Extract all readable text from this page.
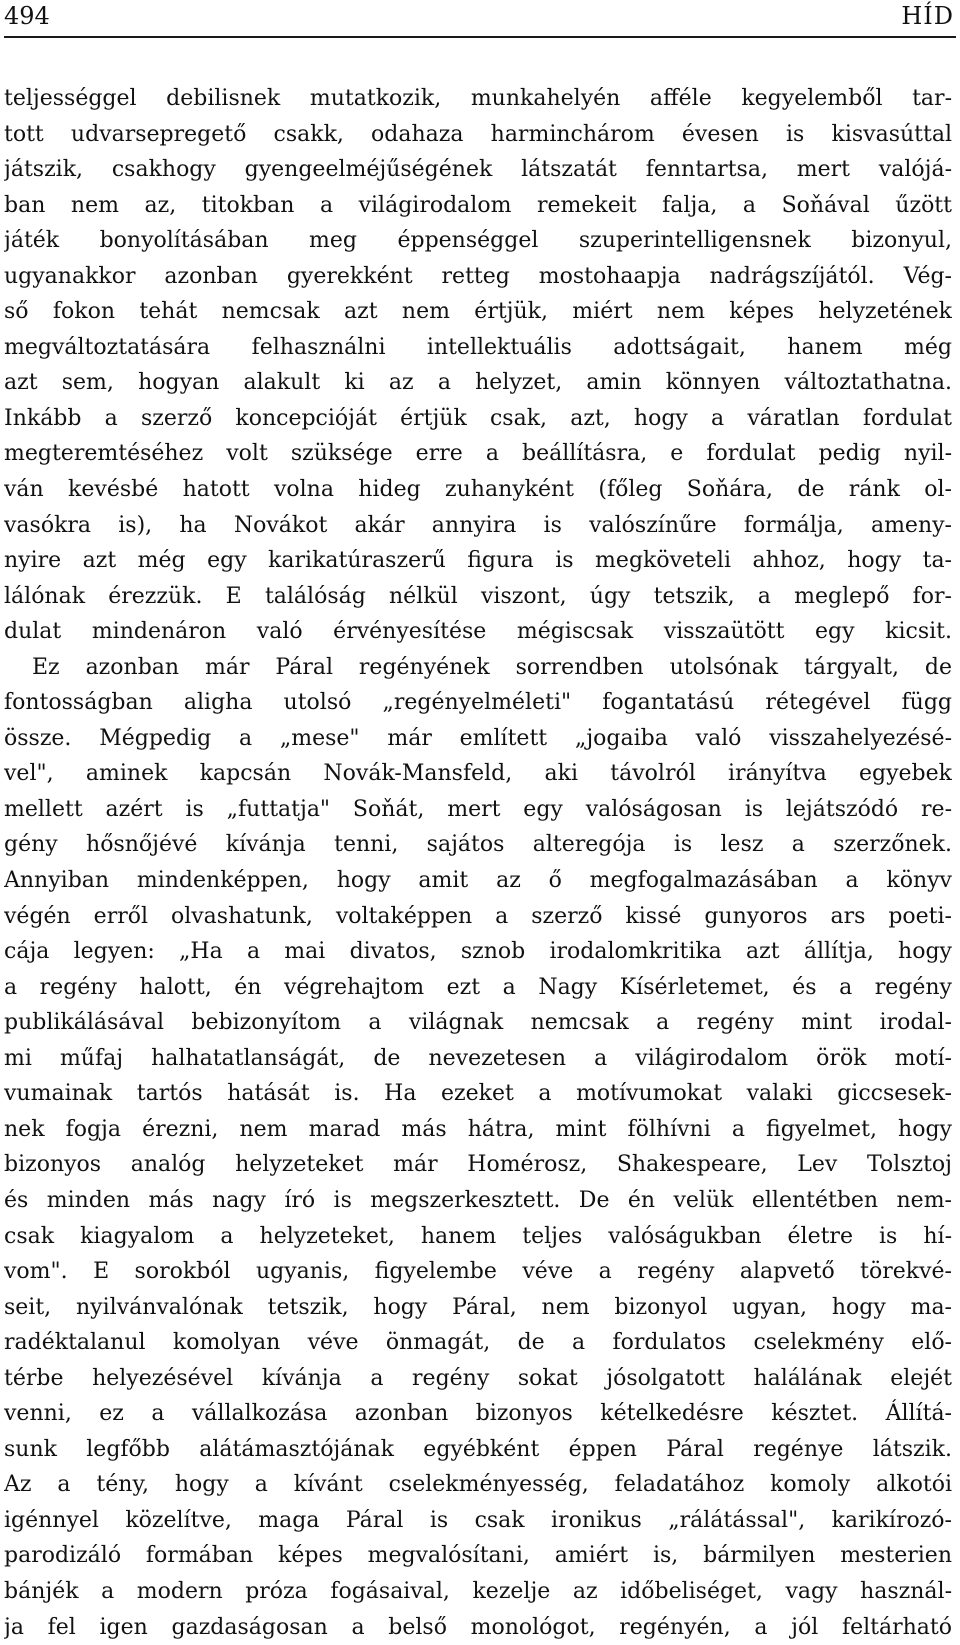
494	HÍD
teljességgel debilisnek mutatkozik, munkahelyén afféle kegyelemből tar-
tott udvarsepregető csakk, odahaza harminchárom évesen is kisvasúttal
játszik, csakhogy gyengeelméjűségének látszatát fenntartsa, mert valójá-
ban nem az, titokban a világirodalom remekeit falja, a Soňával űzött
játék bonyolításában meg éppenséggel szuperintelligensnek bizonyul,
ugyanakkor azonban gyerekként retteg mostohaapja nadrágszíjától. Vég-
ső fokon tehát nemcsak azt nem értjük, miért nem képes helyzetének
megváltoztatására felhasználni intellektuális adottságait, hanem még
azt sem, hogyan alakult ki az a helyzet, amin könnyen változtathatna.
Inkább a szerző koncepcióját értjük csak, azt, hogy a váratlan fordulat
megteremtéséhez volt szüksége erre a beállításra, e fordulat pedig nyil-
ván kevésbé hatott volna hideg zuhanyként (főleg Soňára, de ránk ol-
vasókra is), ha Novákot akár annyira is valószínűre formálja, ameny-
nyire azt még egy karikatúraszerű figura is megköveteli ahhoz, hogy ta-
lálónak érezzük. E találóság nélkül viszont, úgy tetszik, a meglepő for-
dulat mindenáron való érvényesítése mégiscsak visszaütött egy kicsit.
Ez azonban már Páral regényének sorrendben utolsónak tárgyalt, de
fontosságban aligha utolsó „regényelméleti" fogantatású rétegével függ
össze. Mégpedig a „mese" már említett „jogaiba való visszahelyezésé-
vel", aminek kapcsán Novák-Mansfeld, aki távolról irányítva egyebek
mellett azért is „futtatja" Soňát, mert egy valóságosan is lejátszódó re-
gény hősnőjévé kívánja tenni, sajátos alteregója is lesz a szerzőnek.
Annyiban mindenképpen, hogy amit az ő megfogalmazásában a könyv
végén erről olvashatunk, voltaképpen a szerző kissé gunyoros ars poeti-
cája legyen: „Ha a mai divatos, sznob irodalomkritika azt állítja, hogy
a regény halott, én végrehajtom ezt a Nagy Kísérletemet, és a regény
publikálásával bebizonyítom a világnak nemcsak a regény mint irodal-
mi műfaj halhatatlanságát, de nevezetesen a világirodalom örök motí-
vumainak tartós hatását is. Ha ezeket a motívumokat valaki giccsesek-
nek fogja érezni, nem marad más hátra, mint fölhívni a figyelmet, hogy
bizonyos analóg helyzeteket már Homérosz, Shakespeare, Lev Tolsztoj
és minden más nagy író is megszerkesztett. De én velük ellentétben nem-
csak kiagyalom a helyzeteket, hanem teljes valóságukban életre is hí-
vom". E sorokból ugyanis, figyelembe véve a regény alapvető törekvé-
seit, nyilvánvalónak tetszik, hogy Páral, nem bizonyol ugyan, hogy ma-
radéktalanul komolyan véve önmagát, de a fordulatos cselekmény elő-
térbe helyezésével kívánja a regény sokat jósolgatott halálának elejét
venni, ez a vállalkozása azonban bizonyos kételkedésre késztet. Állítá-
sunk legfőbb alátámasztójának egyébként éppen Páral regénye látszik.
Az a tény, hogy a kívánt cselekményesség, feladatához komoly alkotói
igénnyel közelítve, maga Páral is csak ironikus „rálátással", karikírozó-
parodizáló formában képes megvalósítani, amiért is, bármilyen mesterien
bánjék a modern próza fogásaival, kezelje az időbeliséget, vagy használ-
ja fel igen gazdaságosan a belső monológot, regényén, a jól feltárható
